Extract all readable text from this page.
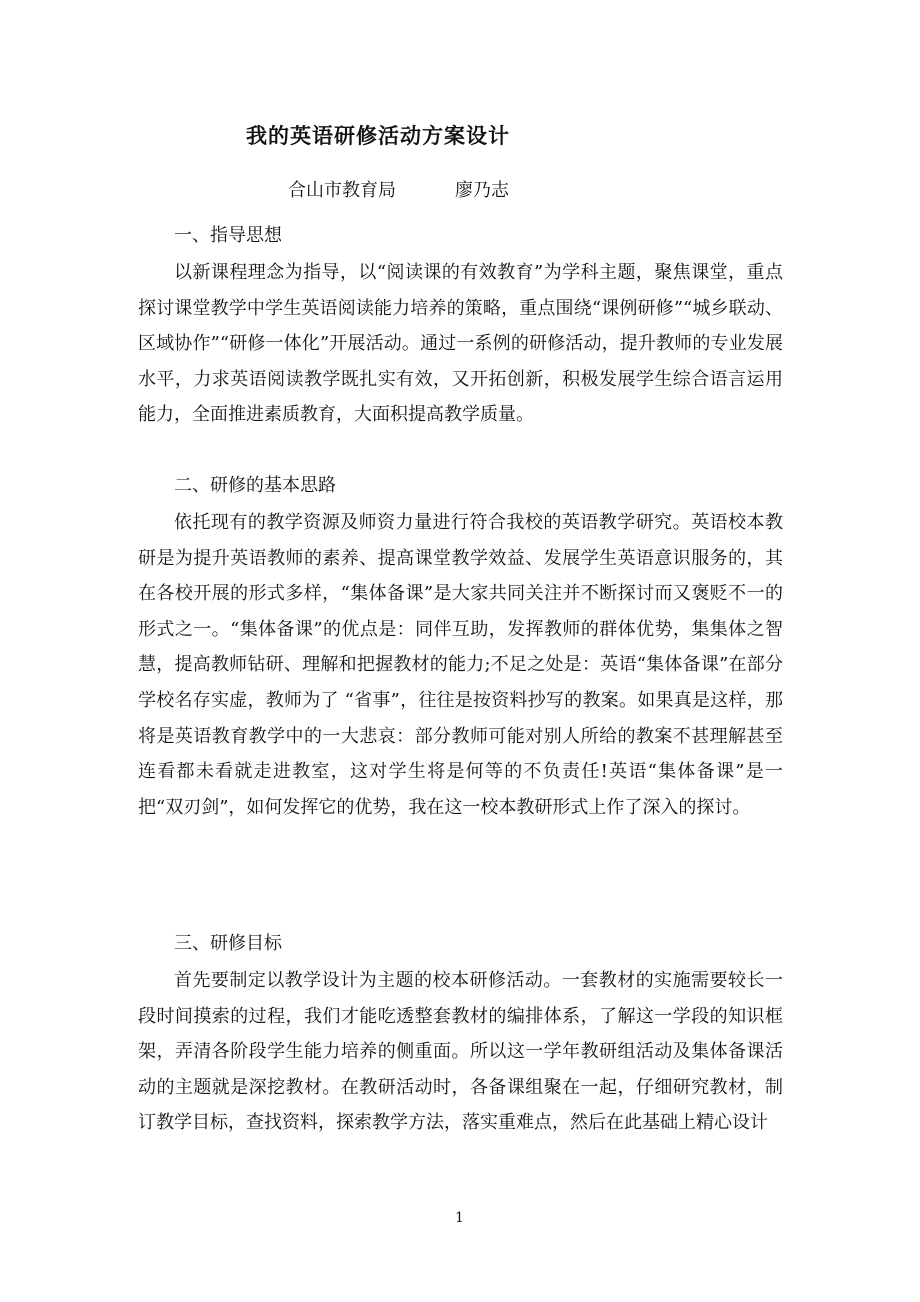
我的英语研修活动方案设计
合山市教育局	廖乃志
一、指导思想

以新课程理念为指导，以“阅读课的有效教育”为学科主题，聚焦课堂，重点探讨课堂教学中学生英语阅读能力培养的策略，重点围绕“课例研修”“城乡联动、区域协作”“研修一体化”开展活动。通过一系例的研修活动，提升教师的专业发展水平，力求英语阅读教学既扎实有效，又开拓创新，积极发展学生综合语言运用能力，全面推进素质教育，大面积提高教学质量。

二、研修的基本思路

依托现有的教学资源及师资力量进行符合我校的英语教学研究。英语校本教研是为提升英语教师的素养、提高课堂教学效益、发展学生英语意识服务的，其在各校开展的形式多样，“集体备课”是大家共同关注并不断探讨而又褒贬不一的形式之一。“集体备课”的优点是：同伴互助，发挥教师的群体优势，集集体之智慧，提高教师钻研、理解和把握教材的能力;不足之处是：英语“集体备课”在部分学校名存实虚，教师为了 “省事”，往往是按资料抄写的教案。如果真是这样，那将是英语教育教学中的一大悲哀：部分教师可能对别人所给的教案不甚理解甚至连看都未看就走进教室，这对学生将是何等的不负责任!英语“集体备课”是一把“双刃剑”，如何发挥它的优势，我在这一校本教研形式上作了深入的探讨。

三、研修目标

首先要制定以教学设计为主题的校本研修活动。一套教材的实施需要较长一段时间摸索的过程，我们才能吃透整套教材的编排体系，了解这一学段的知识框架，弄清各阶段学生能力培养的侧重面。所以这一学年教研组活动及集体备课活动的主题就是深挖教材。在教研活动时，各备课组聚在一起，仔细研究教材，制订教学目标，查找资料，探索教学方法，落实重难点，然后在此基础上精心设计

1
